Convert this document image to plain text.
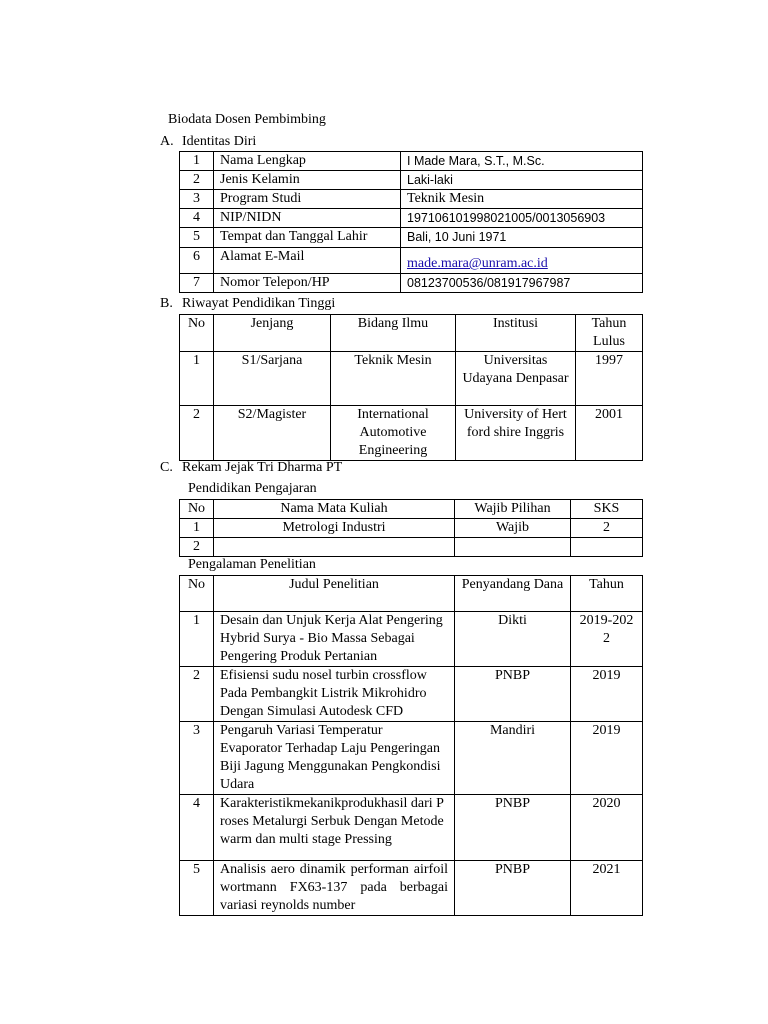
Biodata Dosen Pembimbing
A. Identitas Diri
1	Nama Lengkap	I Made Mara, S.T., M.Sc.
2	Jenis Kelamin	Laki-laki
3	Program Studi	Teknik Mesin
4	NIP/NIDN	197106101998021005/0013056903
5	Tempat dan Tanggal Lahir	Bali, 10 Juni 1971
6	Alamat E-Mail	made.mara@unram.ac.id
7	Nomor Telepon/HP	08123700536/081917967987
B. Riwayat Pendidikan Tinggi
No	Jenjang	Bidang Ilmu	Institusi	Tahun Lulus
1	S1/Sarjana	Teknik Mesin	Universitas Udayana Denpasar	1997
2	S2/Magister	International Automotive Engineering	University of Hert ford shire Inggris	2001
C. Rekam Jejak Tri Dharma PT
Pendidikan Pengajaran
No	Nama Mata Kuliah	Wajib Pilihan	SKS
1	Metrologi Industri	Wajib	2
2			
Pengalaman Penelitian
No	Judul Penelitian	Penyandang Dana	Tahun
1	Desain dan Unjuk Kerja Alat Pengering Hybrid Surya - Bio Massa Sebagai Pengering Produk Pertanian	Dikti	2019-2022
2	Efisiensi sudu nosel turbin crossflow Pada Pembangkit Listrik Mikrohidro Dengan Simulasi Autodesk CFD	PNBP	2019
3	Pengaruh Variasi Temperatur Evaporator Terhadap Laju Pengeringan Biji Jagung Menggunakan Pengkondisi Udara	Mandiri	2019
4	Karakteristikmekanikprodukhasil dari Proses Metalurgi Serbuk Dengan Metode warm dan multi stage Pressing	PNBP	2020
5	Analisis aero dinamik performan airfoil wortmann FX63-137 pada berbagai variasi reynolds number	PNBP	2021
